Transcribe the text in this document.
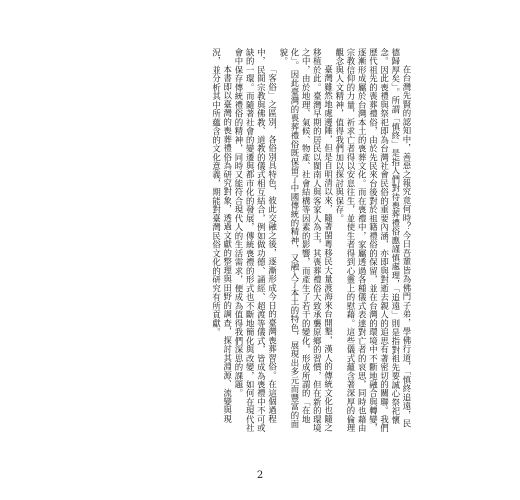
在台灣先賢的認知中，善惡之報究竟何時？今日吾輩皆為佛門子弟，學佛行道，「慎終追遠，民德歸厚矣」。所謂「慎終」是指人們對待喪葬禮俗應謹慎處理，「追遠」則是指對祖先要誠心祭祀懷念。因此喪禮與祭祀即為台灣社會民俗的重要內涵，亦即與對逝去親人的追思有著密切的關聯。我們歷代祖先的喪葬禮俗，由於先民來台後對於祖籍禮俗的保留，並在台灣的環境中不斷地融合與轉變，逐漸形成屬於台灣本土的喪葬文化。而在喪禮中，家屬透過各種儀式表達對亡者的哀思，同時也藉由宗教信仰的力量，祈求亡者得以安息往生，並使生者得到心靈上的慰藉。這些儀式蘊含著深厚的倫理觀念與人文精神，值得我們加以探討與保存。

臺灣雖然地處邊陲，但是自明清以來，隨著閩粵移民大量渡海來台開墾，漢人的傳統文化也隨之移植於此。臺灣早期的居民以閩南人與客家人為主，其喪葬禮俗大致承襲原鄉的習慣，但在新的環境之中，由於地理、氣候、物產、社會結構等因素的影響，而產生了若干的變化，形成所謂的「在地化」。因此臺灣的喪葬禮俗既保留了中國傳統的精神，又融入了本土的特色，展現出多元而豐富的面貌。

「客俗」之區別，各俗別具特色，彼此交融之後，逐漸形成今日的臺灣喪葬習俗。在這個過程中，民間宗教與佛教、道教的儀式相互結合，例如做功德、誦經、超渡等儀式，皆成為喪禮中不可或缺的一環。而隨著社會的變遷與都市化的發展，傳統喪禮的形式也不斷地簡化與改變，如何在現代社會中保存傳統禮俗的精神，同時又能符合現代人的生活需求，便成為值得我們深思的課題。

本書即以臺灣的喪葬禮俗為研究對象，透過文獻的整理與田野的調查，探討其淵源、流變與現況，並分析其中所蘊含的文化意義，期能對臺灣民俗文化的研究有所貢獻。

2
